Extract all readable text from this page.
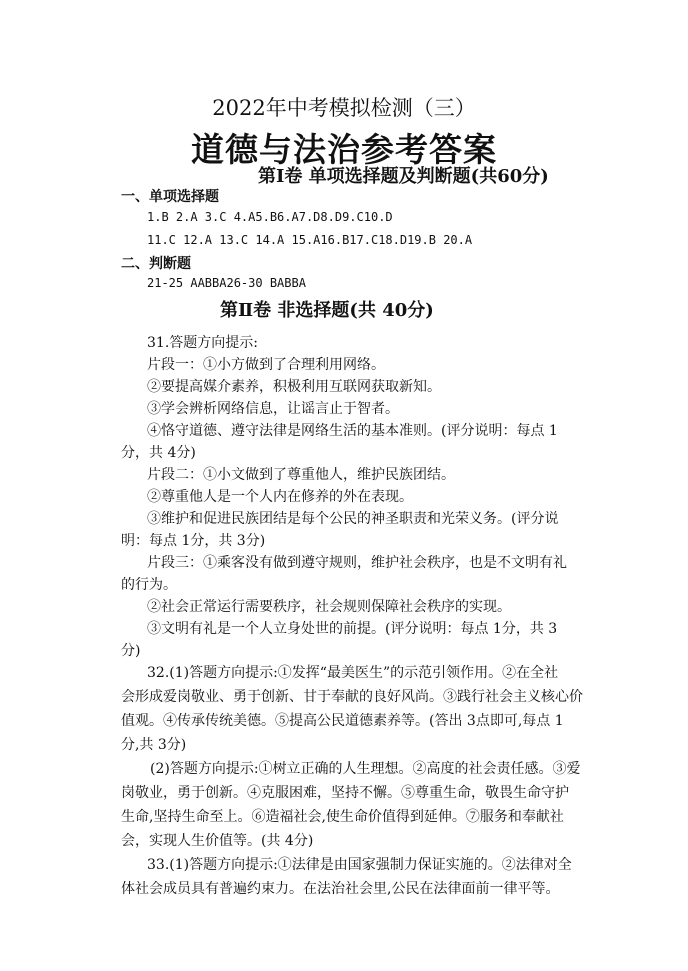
2022年中考模拟检测（三）
道德与法治参考答案
第Ⅰ卷 单项选择题及判断题(共60分)
一、单项选择题
1.B 2.A 3.C 4.A5.B6.A7.D8.D9.C10.D
11.C 12.A 13.C 14.A 15.A16.B17.C18.D19.B 20.A
二、判断题
21-25 AABBA26-30 BABBA
第Ⅱ卷 非选择题(共 40分)
31.答题方向提示:
片段一：①小方做到了合理利用网络。
②要提高媒介素养，积极利用互联网获取新知。
③学会辨析网络信息，让谣言止于智者。
④恪守道德、遵守法律是网络生活的基本准则。(评分说明：每点 1
分，共 4分)
片段二：①小文做到了尊重他人，维护民族团结。
②尊重他人是一个人内在修养的外在表现。
③维护和促进民族团结是每个公民的神圣职责和光荣义务。(评分说
明：每点 1分，共 3分)
片段三：①乘客没有做到遵守规则，维护社会秩序，也是不文明有礼
的行为。
②社会正常运行需要秩序，社会规则保障社会秩序的实现。
③文明有礼是一个人立身处世的前提。(评分说明：每点 1分，共 3
分)
32.(1)答题方向提示:①发挥“最美医生”的示范引领作用。②在全社
会形成爱岗敬业、勇于创新、甘于奉献的良好风尚。③践行社会主义核心价
值观。④传承传统美德。⑤提高公民道德素养等。(答出 3点即可,每点 1
分,共 3分)
(2)答题方向提示:①树立正确的人生理想。②高度的社会责任感。③爱
岗敬业，勇于创新。④克服困难，坚持不懈。⑤尊重生命，敬畏生命守护
生命,坚持生命至上。⑥造福社会,使生命价值得到延伸。⑦服务和奉献社
会，实现人生价值等。(共 4分)
33.(1)答题方向提示:①法律是由国家强制力保证实施的。②法律对全
体社会成员具有普遍约束力。在法治社会里,公民在法律面前一律平等。
